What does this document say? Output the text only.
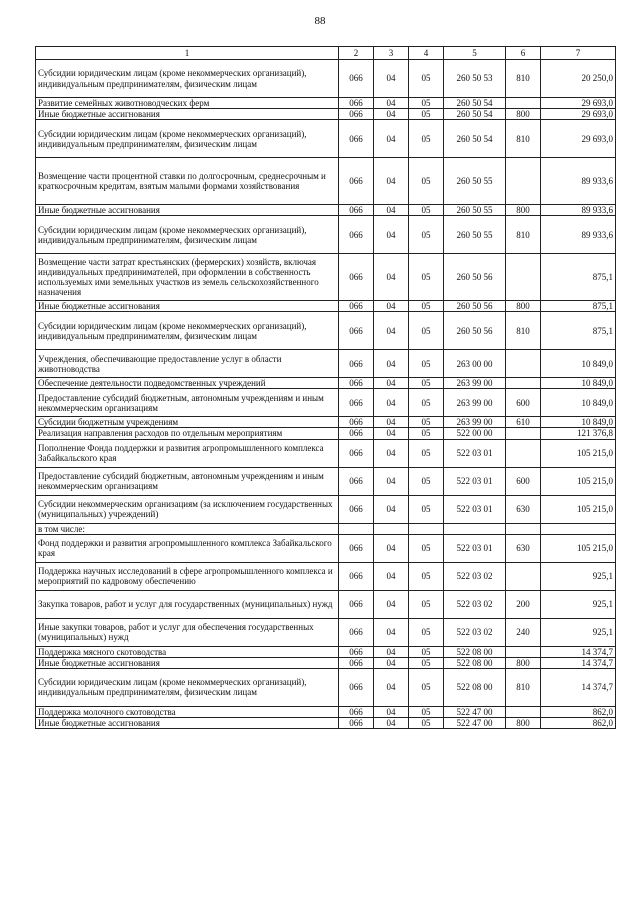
88
1	2	3	4	5	6	7
Субсидии юридическим лицам (кроме некоммерческих организаций), индивидуальным предпринимателям, физическим лицам	066	04	05	260 50 53	810	20 250,0
Развитие семейных животноводческих ферм	066	04	05	260 50 54		29 693,0
Иные бюджетные ассигнования	066	04	05	260 50 54	800	29 693,0
Субсидии юридическим лицам (кроме некоммерческих организаций), индивидуальным предпринимателям, физическим лицам	066	04	05	260 50 54	810	29 693,0
Возмещение части процентной ставки по долгосрочным, среднесрочным и краткосрочным кредитам, взятым малыми формами хозяйствования	066	04	05	260 50 55		89 933,6
Иные бюджетные ассигнования	066	04	05	260 50 55	800	89 933,6
Субсидии юридическим лицам (кроме некоммерческих организаций), индивидуальным предпринимателям, физическим лицам	066	04	05	260 50 55	810	89 933,6
Возмещение части затрат крестьянских (фермерских) хозяйств, включая индивидуальных предпринимателей, при оформлении в собственность используемых ими земельных участков из земель сельскохозяйственного назначения	066	04	05	260 50 56		875,1
Иные бюджетные ассигнования	066	04	05	260 50 56	800	875,1
Субсидии юридическим лицам (кроме некоммерческих организаций), индивидуальным предпринимателям, физическим лицам	066	04	05	260 50 56	810	875,1
Учреждения, обеспечивающие предоставление услуг в области животноводства	066	04	05	263 00 00		10 849,0
Обеспечение деятельности подведомственных учреждений	066	04	05	263 99 00		10 849,0
Предоставление субсидий бюджетным, автономным учреждениям и иным некоммерческим организациям	066	04	05	263 99 00	600	10 849,0
Субсидии бюджетным учреждениям	066	04	05	263 99 00	610	10 849,0
Реализация направления расходов по отдельным мероприятиям	066	04	05	522 00 00		121 376,8
Пополнение Фонда поддержки и развития агропромышленного комплекса Забайкальского края	066	04	05	522 03 01		105 215,0
Предоставление субсидий бюджетным, автономным учреждениям и иным некоммерческим организациям	066	04	05	522 03 01	600	105 215,0
Субсидии некоммерческим организациям (за исключением государственных (муниципальных) учреждений)	066	04	05	522 03 01	630	105 215,0
в том числе:						
Фонд поддержки и развития агропромышленного комплекса Забайкальского края	066	04	05	522 03 01	630	105 215,0
Поддержка научных исследований в сфере агропромышленного комплекса и мероприятий по кадровому обеспечению	066	04	05	522 03 02		925,1
Закупка товаров, работ и услуг для государственных (муниципальных) нужд	066	04	05	522 03 02	200	925,1
Иные закупки товаров, работ и услуг для обеспечения государственных (муниципальных) нужд	066	04	05	522 03 02	240	925,1
Поддержка мясного скотоводства	066	04	05	522 08 00		14 374,7
Иные бюджетные ассигнования	066	04	05	522 08 00	800	14 374,7
Субсидии юридическим лицам (кроме некоммерческих организаций), индивидуальным предпринимателям, физическим лицам	066	04	05	522 08 00	810	14 374,7
Поддержка молочного скотоводства	066	04	05	522 47 00		862,0
Иные бюджетные ассигнования	066	04	05	522 47 00	800	862,0
